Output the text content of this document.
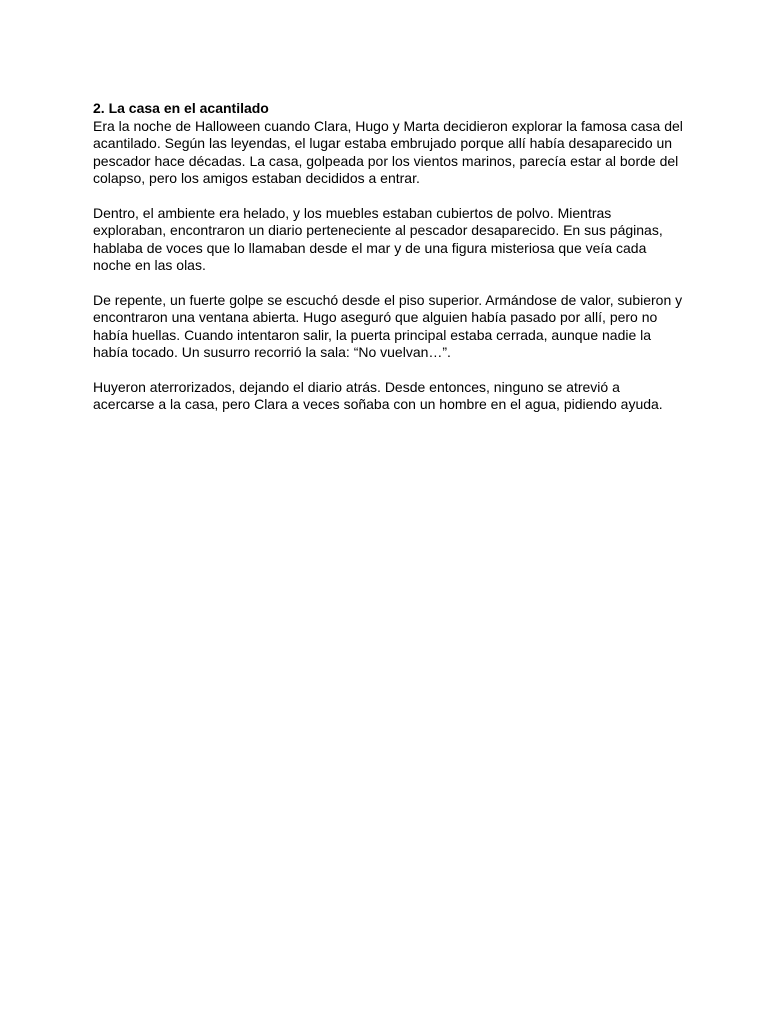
2. La casa en el acantilado

Era la noche de Halloween cuando Clara, Hugo y Marta decidieron explorar la famosa casa del acantilado. Según las leyendas, el lugar estaba embrujado porque allí había desaparecido un pescador hace décadas. La casa, golpeada por los vientos marinos, parecía estar al borde del colapso, pero los amigos estaban decididos a entrar.

Dentro, el ambiente era helado, y los muebles estaban cubiertos de polvo. Mientras exploraban, encontraron un diario perteneciente al pescador desaparecido. En sus páginas, hablaba de voces que lo llamaban desde el mar y de una figura misteriosa que veía cada noche en las olas.

De repente, un fuerte golpe se escuchó desde el piso superior. Armándose de valor, subieron y encontraron una ventana abierta. Hugo aseguró que alguien había pasado por allí, pero no había huellas. Cuando intentaron salir, la puerta principal estaba cerrada, aunque nadie la había tocado. Un susurro recorrió la sala: “No vuelvan…”.

Huyeron aterrorizados, dejando el diario atrás. Desde entonces, ninguno se atrevió a acercarse a la casa, pero Clara a veces soñaba con un hombre en el agua, pidiendo ayuda.
